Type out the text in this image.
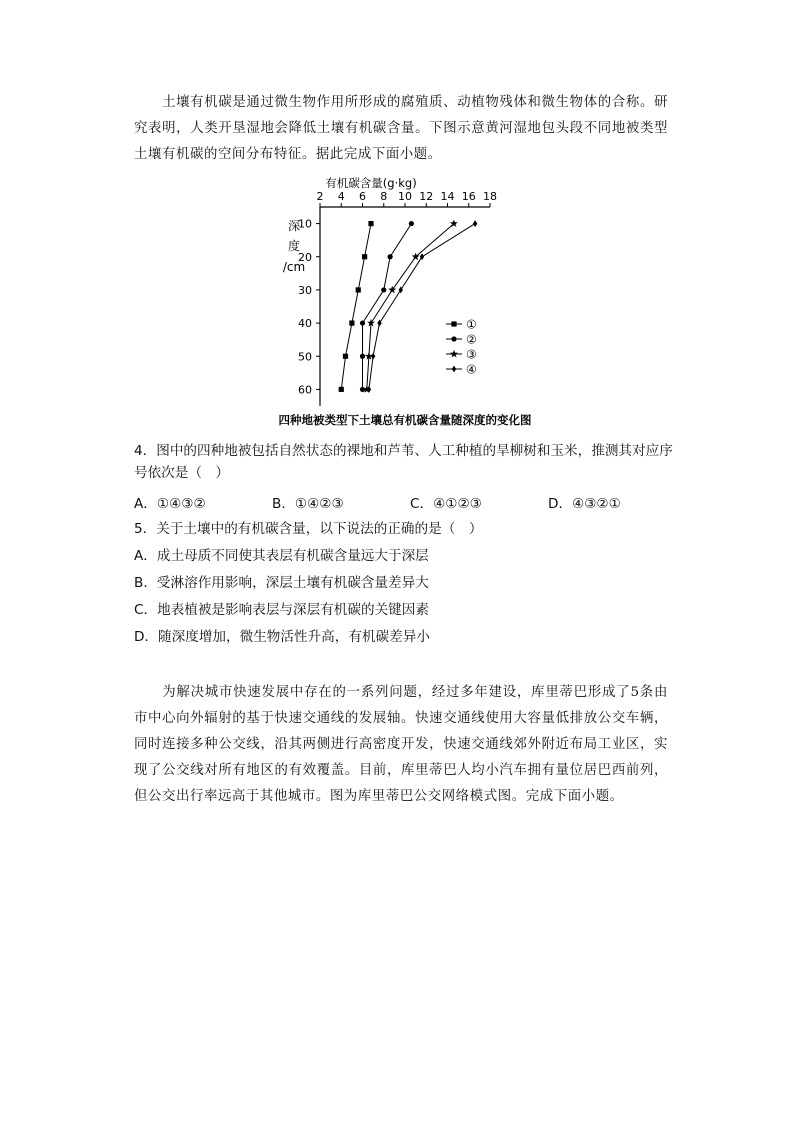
土壤有机碳是通过微生物作用所形成的腐殖质、动植物残体和微生物体的合称。研究表明，人类开垦湿地会降低土壤有机碳含量。下图示意黄河湿地包头段不同地被类型土壤有机碳的空间分布特征。据此完成下面小题。

2 4 6 8 10 12 14 16 18
有机碳含量(g·kg)
10
20
30
40
50
60
深
度
/cm
①
②
③
④
四种地被类型下土壤总有机碳含量随深度的变化图

4．图中的四种地被包括自然状态的裸地和芦苇、人工种植的旱柳树和玉米，推测其对应序号依次是（　）

A．①④③②	B．①④②③	C．④①②③	D．④③②①

5．关于土壤中的有机碳含量，以下说法的正确的是（　）

A．成土母质不同使其表层有机碳含量远大于深层

B．受淋溶作用影响，深层土壤有机碳含量差异大

C．地表植被是影响表层与深层有机碳的关键因素

D．随深度增加，微生物活性升高，有机碳差异小

为解决城市快速发展中存在的一系列问题，经过多年建设，库里蒂巴形成了5条由市中心向外辐射的基于快速交通线的发展轴。快速交通线使用大容量低排放公交车辆，同时连接多种公交线，沿其两侧进行高密度开发，快速交通线郊外附近布局工业区，实现了公交线对所有地区的有效覆盖。目前，库里蒂巴人均小汽车拥有量位居巴西前列，但公交出行率远高于其他城市。图为库里蒂巴公交网络模式图。完成下面小题。
